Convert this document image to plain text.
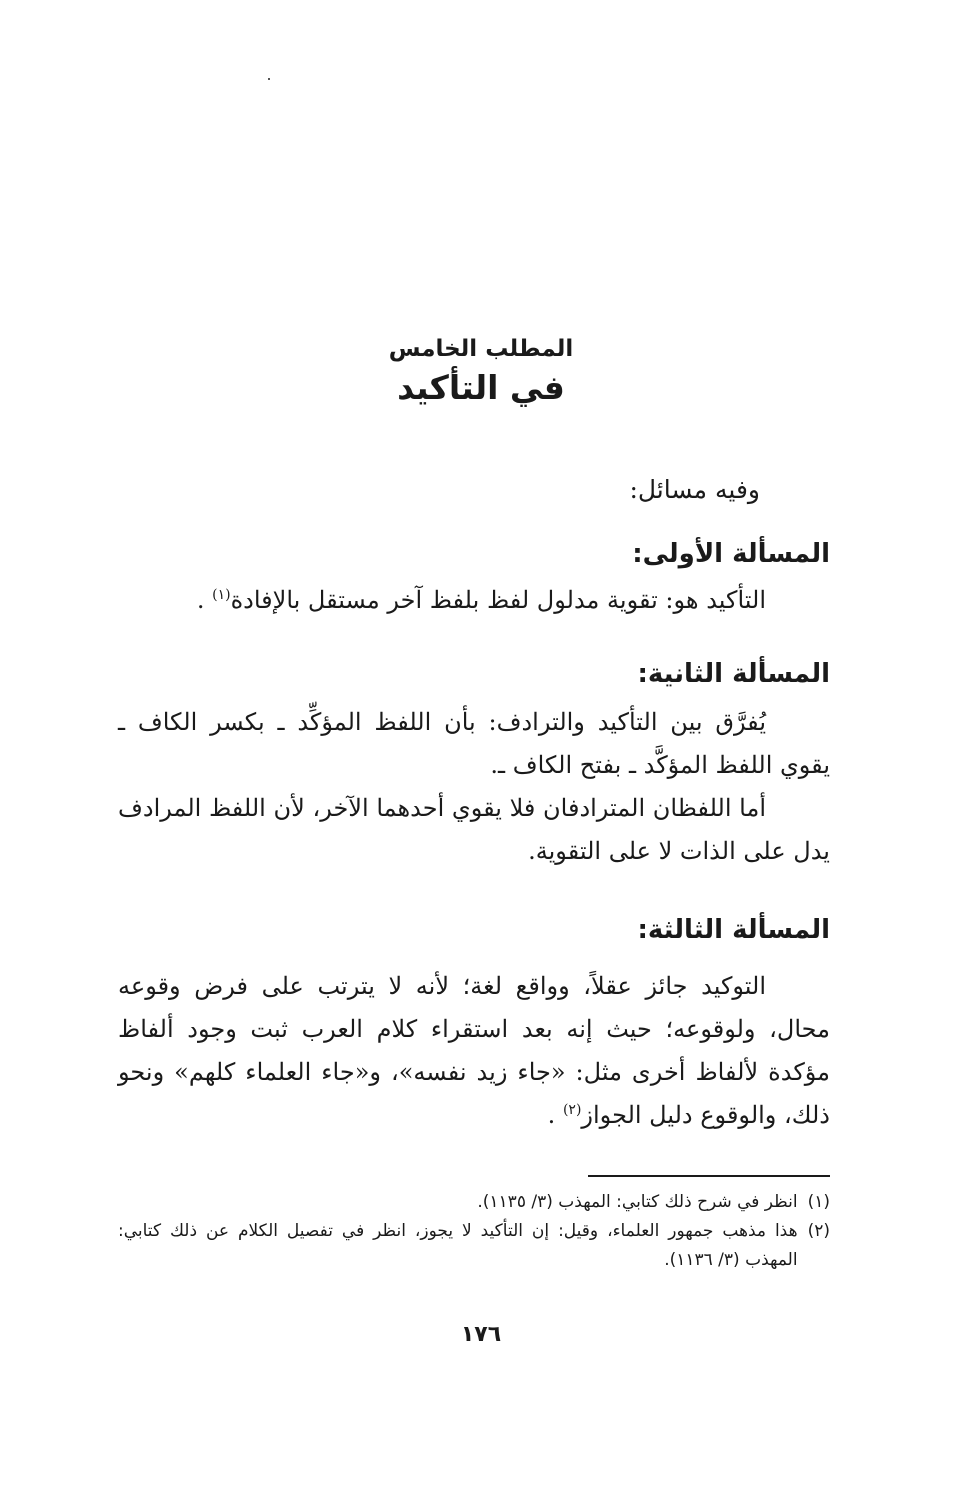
المطلب الخامس
في التأكيد
وفيه مسائل:

المسألة الأولى:

التأكيد هو: تقوية مدلول لفظ بلفظ آخر مستقل بالإفادة$^{(١)}$ .

المسألة الثانية:

يُفرَّق بين التأكيد والترادف: بأن اللفظ المؤكِّد ـ بكسر الكاف ـ يقوي اللفظ المؤكَّد ـ بفتح الكاف ـ.

أما اللفظان المترادفان فلا يقوي أحدهما الآخر، لأن اللفظ المرادف يدل على الذات لا على التقوية.

المسألة الثالثة:

التوكيد جائز عقلاً، وواقع لغة؛ لأنه لا يترتب على فرض وقوعه محال، ولوقوعه؛ حيث إنه بعد استقراء كلام العرب ثبت وجود ألفاظ مؤكدة لألفاظ أخرى مثل: «جاء زيد نفسه»، و«جاء العلماء كلهم» ونحو ذلك، والوقوع دليل الجواز$^{(٢)}$ .

(١)
انظر في شرح ذلك كتابي: المهذب (٣/ ١١٣٥).
(٢)
هذا مذهب جمهور العلماء، وقيل: إن التأكيد لا يجوز، انظر في تفصيل الكلام عن ذلك كتابي: المهذب (٣/ ١١٣٦).
١٧٦
